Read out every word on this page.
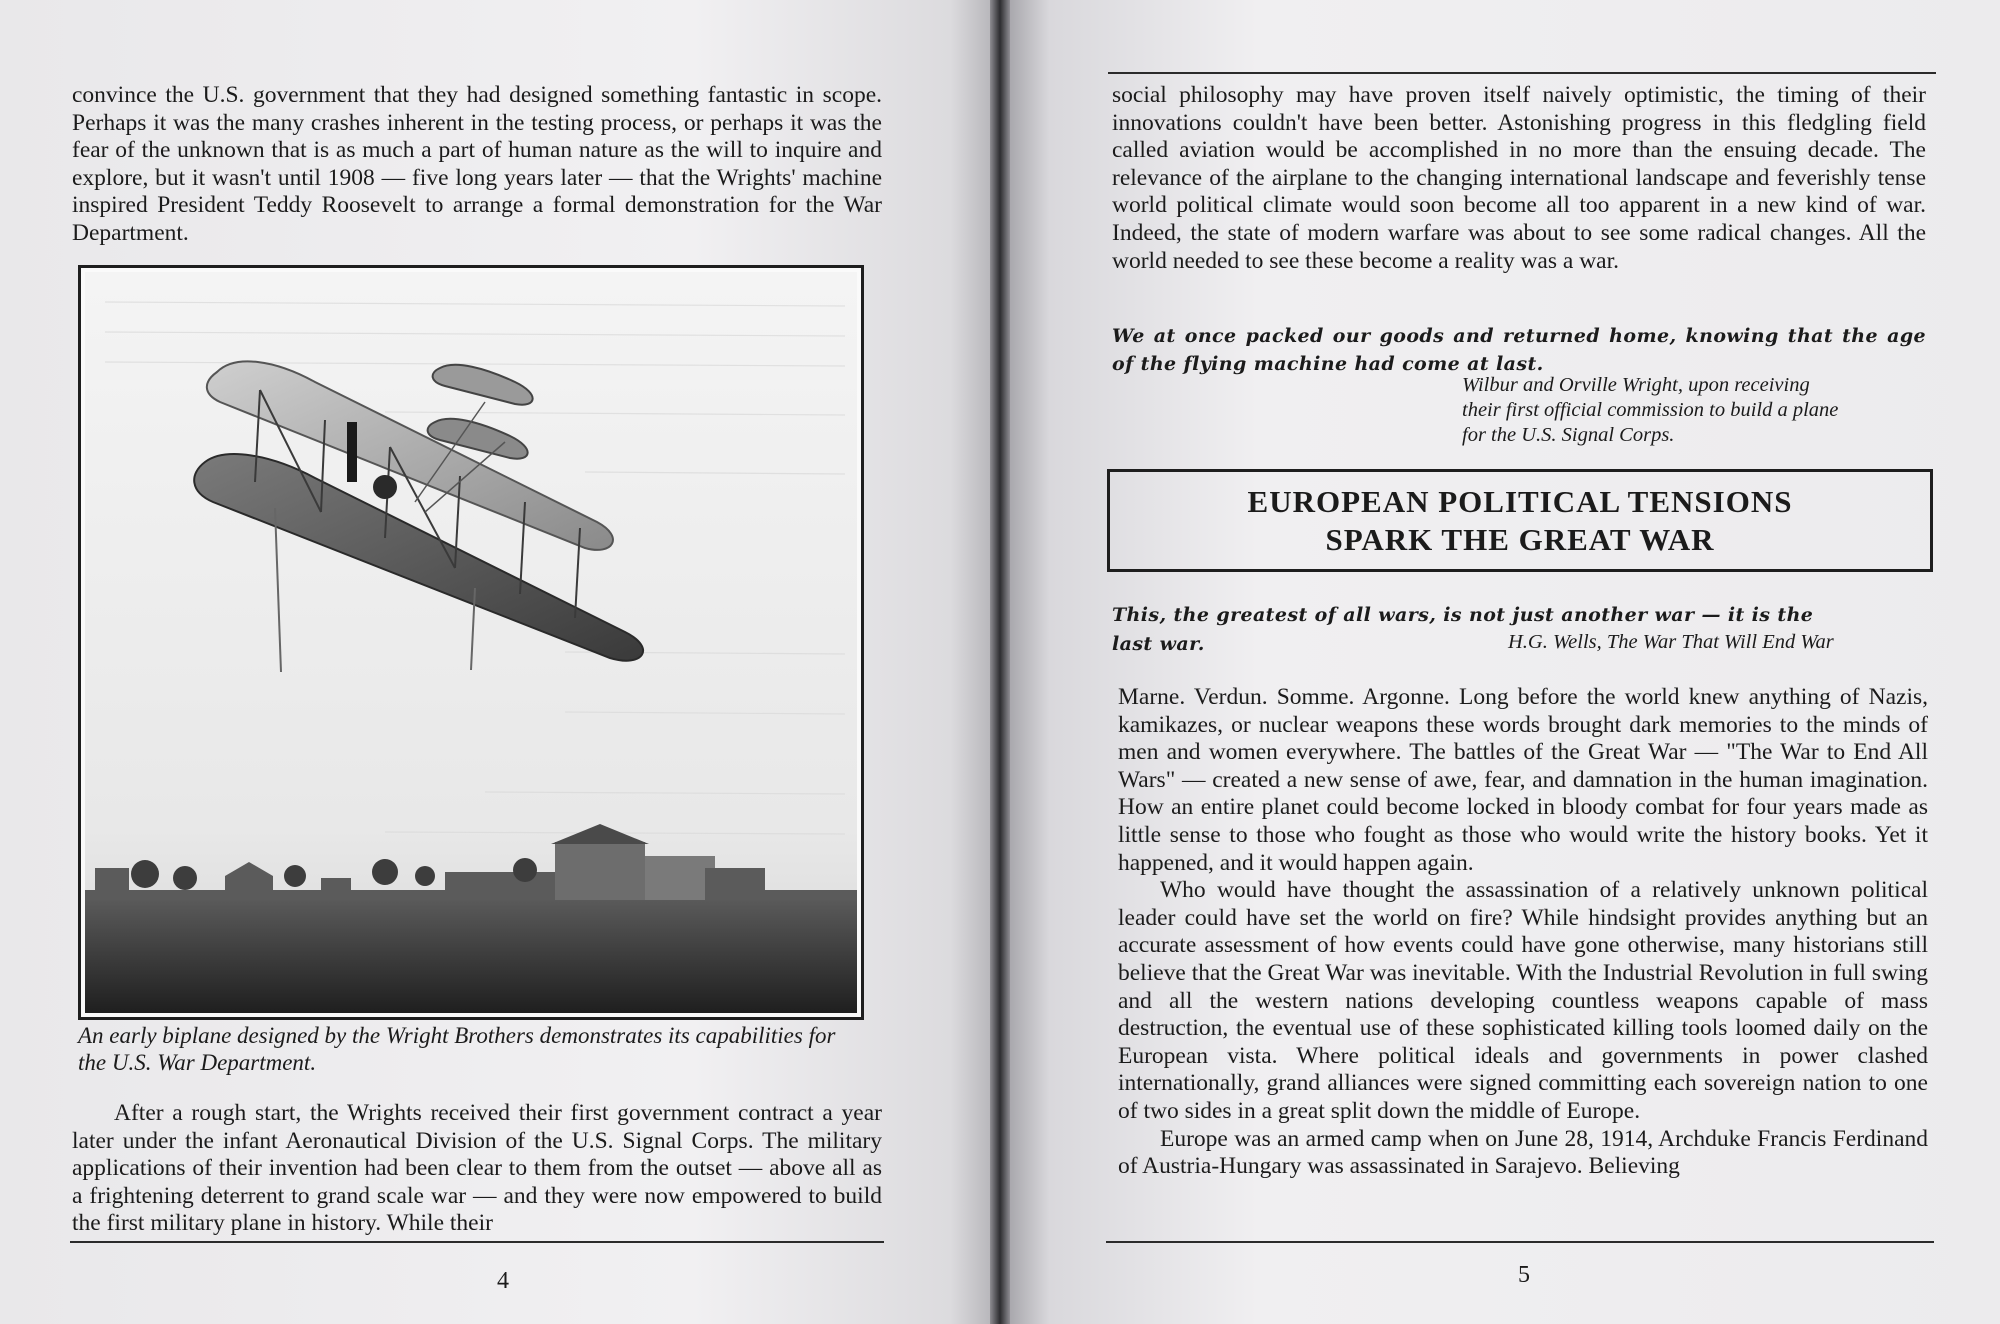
convince the U.S. government that they had designed something fantastic in scope. Perhaps it was the many crashes inherent in the testing process, or perhaps it was the fear of the unknown that is as much a part of human nature as the will to inquire and explore, but it wasn't until 1908 — five long years later — that the Wrights' machine inspired President Teddy Roosevelt to arrange a formal demonstration for the War Department.

An early biplane designed by the Wright Brothers demonstrates its capabilities for the U.S. War Department.

After a rough start, the Wrights received their first government contract a year later under the infant Aeronautical Division of the U.S. Signal Corps. The military applications of their invention had been clear to them from the outset — above all as a frightening deterrent to grand scale war — and they were now empowered to build the first military plane in history. While their

4

social philosophy may have proven itself naively optimistic, the timing of their innovations couldn't have been better. Astonishing progress in this fledgling field called aviation would be accomplished in no more than the ensuing decade. The relevance of the airplane to the changing international landscape and feverishly tense world political climate would soon become all too apparent in a new kind of war. Indeed, the state of modern warfare was about to see some radical changes. All the world needed to see these become a reality was a war.

We at once packed our goods and returned home, knowing that the age of the flying machine had come at last.

Wilbur and Orville Wright, upon receiving
their first official commission to build a plane
for the U.S. Signal Corps.

EUROPEAN POLITICAL TENSIONS
SPARK THE GREAT WAR

This, the greatest of all wars, is not just another war — it is the

last war.	H.G. Wells, The War That Will End War

Marne. Verdun. Somme. Argonne. Long before the world knew anything of Nazis, kamikazes, or nuclear weapons these words brought dark memories to the minds of men and women everywhere. The battles of the Great War — "The War to End All Wars" — created a new sense of awe, fear, and damnation in the human imagination. How an entire planet could become locked in bloody combat for four years made as little sense to those who fought as those who would write the history books. Yet it happened, and it would happen again.

Who would have thought the assassination of a relatively unknown political leader could have set the world on fire? While hindsight provides anything but an accurate assessment of how events could have gone otherwise, many historians still believe that the Great War was inevitable. With the Industrial Revolution in full swing and all the western nations developing countless weapons capable of mass destruction, the eventual use of these sophisticated killing tools loomed daily on the European vista. Where political ideals and governments in power clashed internationally, grand alliances were signed committing each sovereign nation to one of two sides in a great split down the middle of Europe.

Europe was an armed camp when on June 28, 1914, Archduke Francis Ferdinand of Austria-Hungary was assassinated in Sarajevo. Believing

5
